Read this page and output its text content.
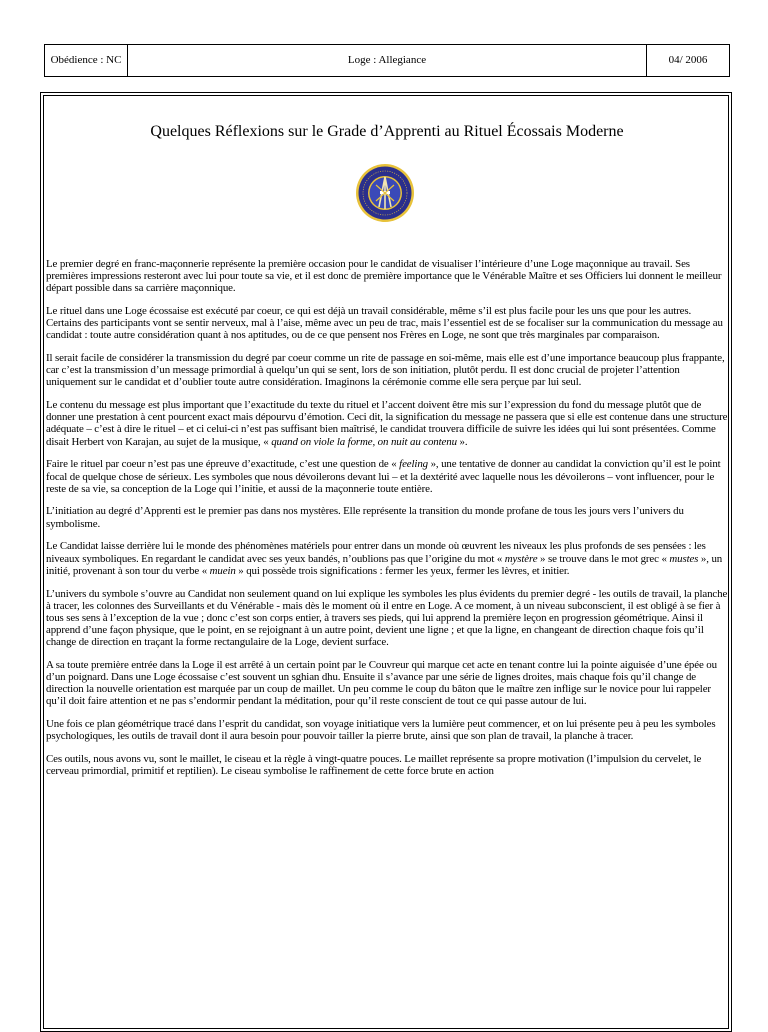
Obédience : NC	Loge : Allegiance	04/ 2006
Quelques Réflexions sur le Grade d’Apprenti au Rituel Écossais Moderne

Le premier degré en franc-maçonnerie représente la première occasion pour le candidat de visualiser l’intérieure d’une Loge maçonnique au travail. Ses premières impressions resteront avec lui pour toute sa vie, et il est donc de première importance que le Vénérable Maître et ses Officiers lui donnent le meilleur départ possible dans sa carrière maçonnique.

Le rituel dans une Loge écossaise est exécuté par coeur, ce qui est déjà un travail considérable, même s’il est plus facile pour les uns que pour les autres. Certains des participants vont se sentir nerveux, mal à l’aise, même avec un peu de trac, mais l’essentiel est de se focaliser sur la communication du message au candidat : toute autre considération quant à nos aptitudes, ou de ce que pensent nos Frères en Loge, ne sont que très marginales par comparaison.

Il serait facile de considérer la transmission du degré par coeur comme un rite de passage en soi-même, mais elle est d’une importance beaucoup plus frappante, car c’est la transmission d’un message primordial à quelqu’un qui se sent, lors de son initiation, plutôt perdu. Il est donc crucial de projeter l’attention uniquement sur le candidat et d’oublier toute autre considération. Imaginons la cérémonie comme elle sera perçue par lui seul.

Le contenu du message est plus important que l’exactitude du texte du rituel et l’accent doivent être mis sur l’expression du fond du message plutôt que de donner une prestation à cent pourcent exact mais dépourvu d’émotion. Ceci dit, la signification du message ne passera que si elle est contenue dans une structure adéquate – c’est à dire le rituel – et ci celui-ci n’est pas suffisant bien maîtrisé, le candidat trouvera difficile de suivre les idées qui lui sont présentées. Comme disait Herbert von Karajan, au sujet de la musique, « quand on viole la forme, on nuit au contenu ».

Faire le rituel par coeur n’est pas une épreuve d’exactitude, c’est une question de « feeling », une tentative de donner au candidat la conviction qu’il est le point focal de quelque chose de sérieux. Les symboles que nous dévoilerons devant lui – et la dextérité avec laquelle nous les dévoilerons – vont influencer, pour le reste de sa vie, sa conception de la Loge qui l’initie, et aussi de la maçonnerie toute entière.

L’initiation au degré d’Apprenti est le premier pas dans nos mystères. Elle représente la transition du monde profane de tous les jours vers l’univers du symbolisme.

Le Candidat laisse derrière lui le monde des phénomènes matériels pour entrer dans un monde où œuvrent les niveaux les plus profonds de ses pensées : les niveaux symboliques. En regardant le candidat avec ses yeux bandés, n’oublions pas que l’origine du mot « mystère » se trouve dans le mot grec « mustes », un initié, provenant à son tour du verbe « muein » qui possède trois significations : fermer les yeux, fermer les lèvres, et initier.

L’univers du symbole s’ouvre au Candidat non seulement quand on lui explique les symboles les plus évidents du premier degré - les outils de travail, la planche à tracer, les colonnes des Surveillants et du Vénérable - mais dès le moment où il entre en Loge. A ce moment, à un niveau subconscient, il est obligé à se fier à tous ses sens à l’exception de la vue ; donc c’est son corps entier, à travers ses pieds, qui lui apprend la première leçon en progression géométrique. Ainsi il apprend d’une façon physique, que le point, en se rejoignant à un autre point, devient une ligne ; et que la ligne, en changeant de direction chaque fois qu’il change de direction en traçant la forme rectangulaire de la Loge, devient surface.

A sa toute première entrée dans la Loge il est arrêté à un certain point par le Couvreur qui marque cet acte en tenant contre lui la pointe aiguisée d’une épée ou d’un poignard. Dans une Loge écossaise c’est souvent un sghian dhu. Ensuite il s’avance par une série de lignes droites, mais chaque fois qu’il change de direction la nouvelle orientation est marquée par un coup de maillet. Un peu comme le coup du bâton que le maître zen inflige sur le novice pour lui rappeler qu’il doit faire attention et ne pas s’endormir pendant la méditation, pour qu’il reste conscient de tout ce qui passe autour de lui.

Une fois ce plan géométrique tracé dans l’esprit du candidat, son voyage initiatique vers la lumière peut commencer, et on lui présente peu à peu les symboles psychologiques, les outils de travail dont il aura besoin pour pouvoir tailler la pierre brute, ainsi que son plan de travail, la planche à tracer.

Ces outils, nous avons vu, sont le maillet, le ciseau et la règle à vingt-quatre pouces. Le maillet représente sa propre motivation (l’impulsion du cervelet, le cerveau primordial, primitif et reptilien). Le ciseau symbolise le raffinement de cette force brute en action
